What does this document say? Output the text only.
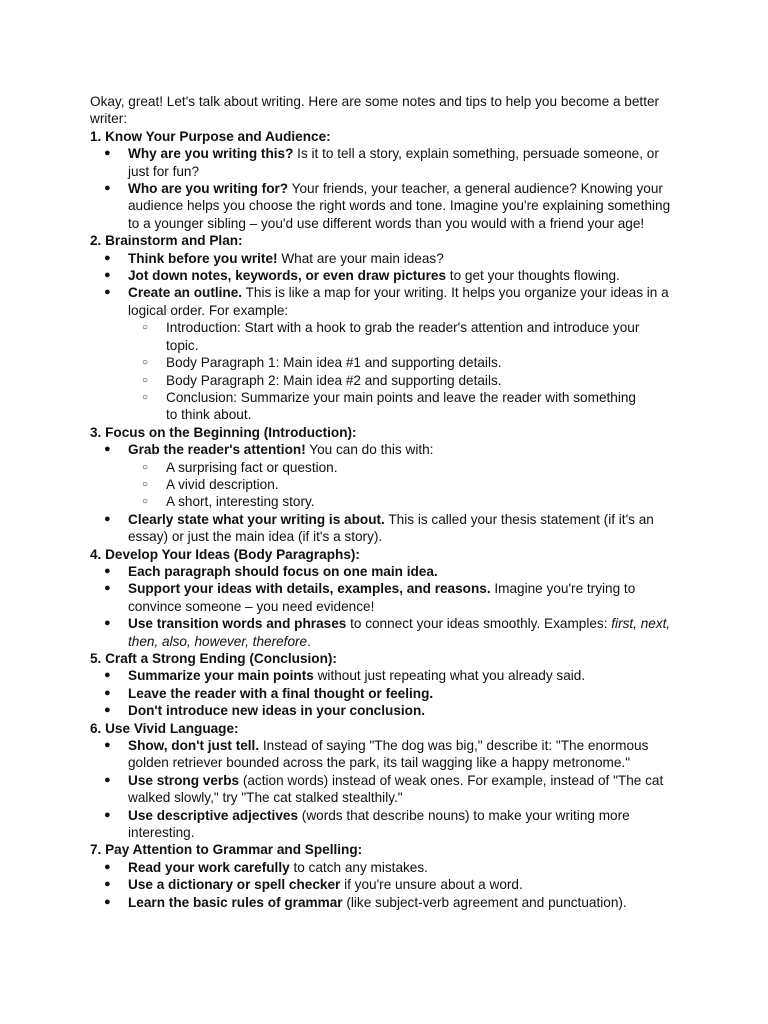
Okay, great! Let's talk about writing. Here are some notes and tips to help you become a better writer:

1. Know Your Purpose and Audience:
● Why are you writing this? Is it to tell a story, explain something, persuade someone, or just for fun?
● Who are you writing for? Your friends, your teacher, a general audience? Knowing your audience helps you choose the right words and tone. Imagine you're explaining something to a younger sibling – you'd use different words than you would with a friend your age!
2. Brainstorm and Plan:
● Think before you write! What are your main ideas?
● Jot down notes, keywords, or even draw pictures to get your thoughts flowing.
● Create an outline. This is like a map for your writing. It helps you organize your ideas in a logical order. For example:
○ Introduction: Start with a hook to grab the reader's attention and introduce your topic.
○ Body Paragraph 1: Main idea #1 and supporting details.
○ Body Paragraph 2: Main idea #2 and supporting details.
○ Conclusion: Summarize your main points and leave the reader with something to think about.
3. Focus on the Beginning (Introduction):
● Grab the reader's attention! You can do this with:
○ A surprising fact or question.
○ A vivid description.
○ A short, interesting story.
● Clearly state what your writing is about. This is called your thesis statement (if it's an essay) or just the main idea (if it's a story).
4. Develop Your Ideas (Body Paragraphs):
● Each paragraph should focus on one main idea.
● Support your ideas with details, examples, and reasons. Imagine you're trying to convince someone – you need evidence!
● Use transition words and phrases to connect your ideas smoothly. Examples: first, next, then, also, however, therefore.
5. Craft a Strong Ending (Conclusion):
● Summarize your main points without just repeating what you already said.
● Leave the reader with a final thought or feeling.
● Don't introduce new ideas in your conclusion.
6. Use Vivid Language:
● Show, don't just tell. Instead of saying "The dog was big," describe it: "The enormous golden retriever bounded across the park, its tail wagging like a happy metronome."
● Use strong verbs (action words) instead of weak ones. For example, instead of "The cat walked slowly," try "The cat stalked stealthily."
● Use descriptive adjectives (words that describe nouns) to make your writing more interesting.
7. Pay Attention to Grammar and Spelling:
● Read your work carefully to catch any mistakes.
● Use a dictionary or spell checker if you're unsure about a word.
● Learn the basic rules of grammar (like subject-verb agreement and punctuation).
